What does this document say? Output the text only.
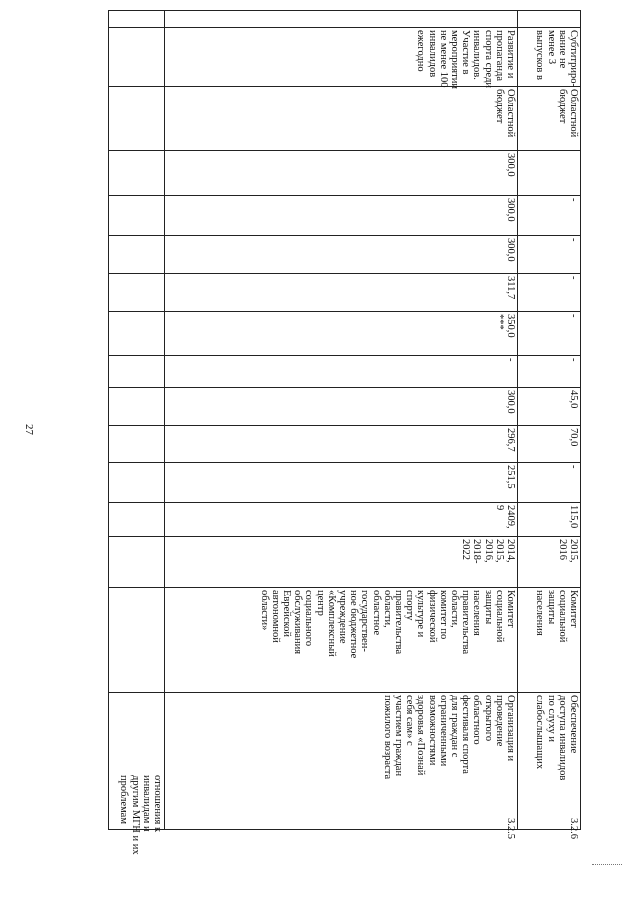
27

отношения к
инвалидам и
другим МГН и их
проблемам

3.2.5

Организация и
проведение
открытого
областного
фестиваля спорта
для граждан с
ограниченными
возможностями
здоровья «Познай
себя сам» с
участием граждан
пожилого возраста

Комитет
социальной
защиты
населения
правительства
области,
комитет по
физической
культуре и
спорту
правительства
области,
областное
государствен-
ное бюджетное
учреждение
«Комплексный
центр
социального
обслуживания
Еврейской
автономной
области»

2014,
2015,
2016,
2018-
2022

2409,
9

251,5

296,7

300,0

-

350,0
***

311,7

300,0

300,0

300,0

Областной
бюджет

Развитие и
пропаганда
спорта среди
инвалидов.
Участие в
мероприятии
не менее 100
инвалидов
ежегодно

3.2.6

Обеспечение
доступа инвалидов
по слуху и
слабослышащих

Комитет
социальной
защиты
населения

2015,
2016

115,0

-

70,0

45,0

-

-

-

-

-

Областной
бюджет

Субтитриро-
вание не
менее 3
выпусков в
